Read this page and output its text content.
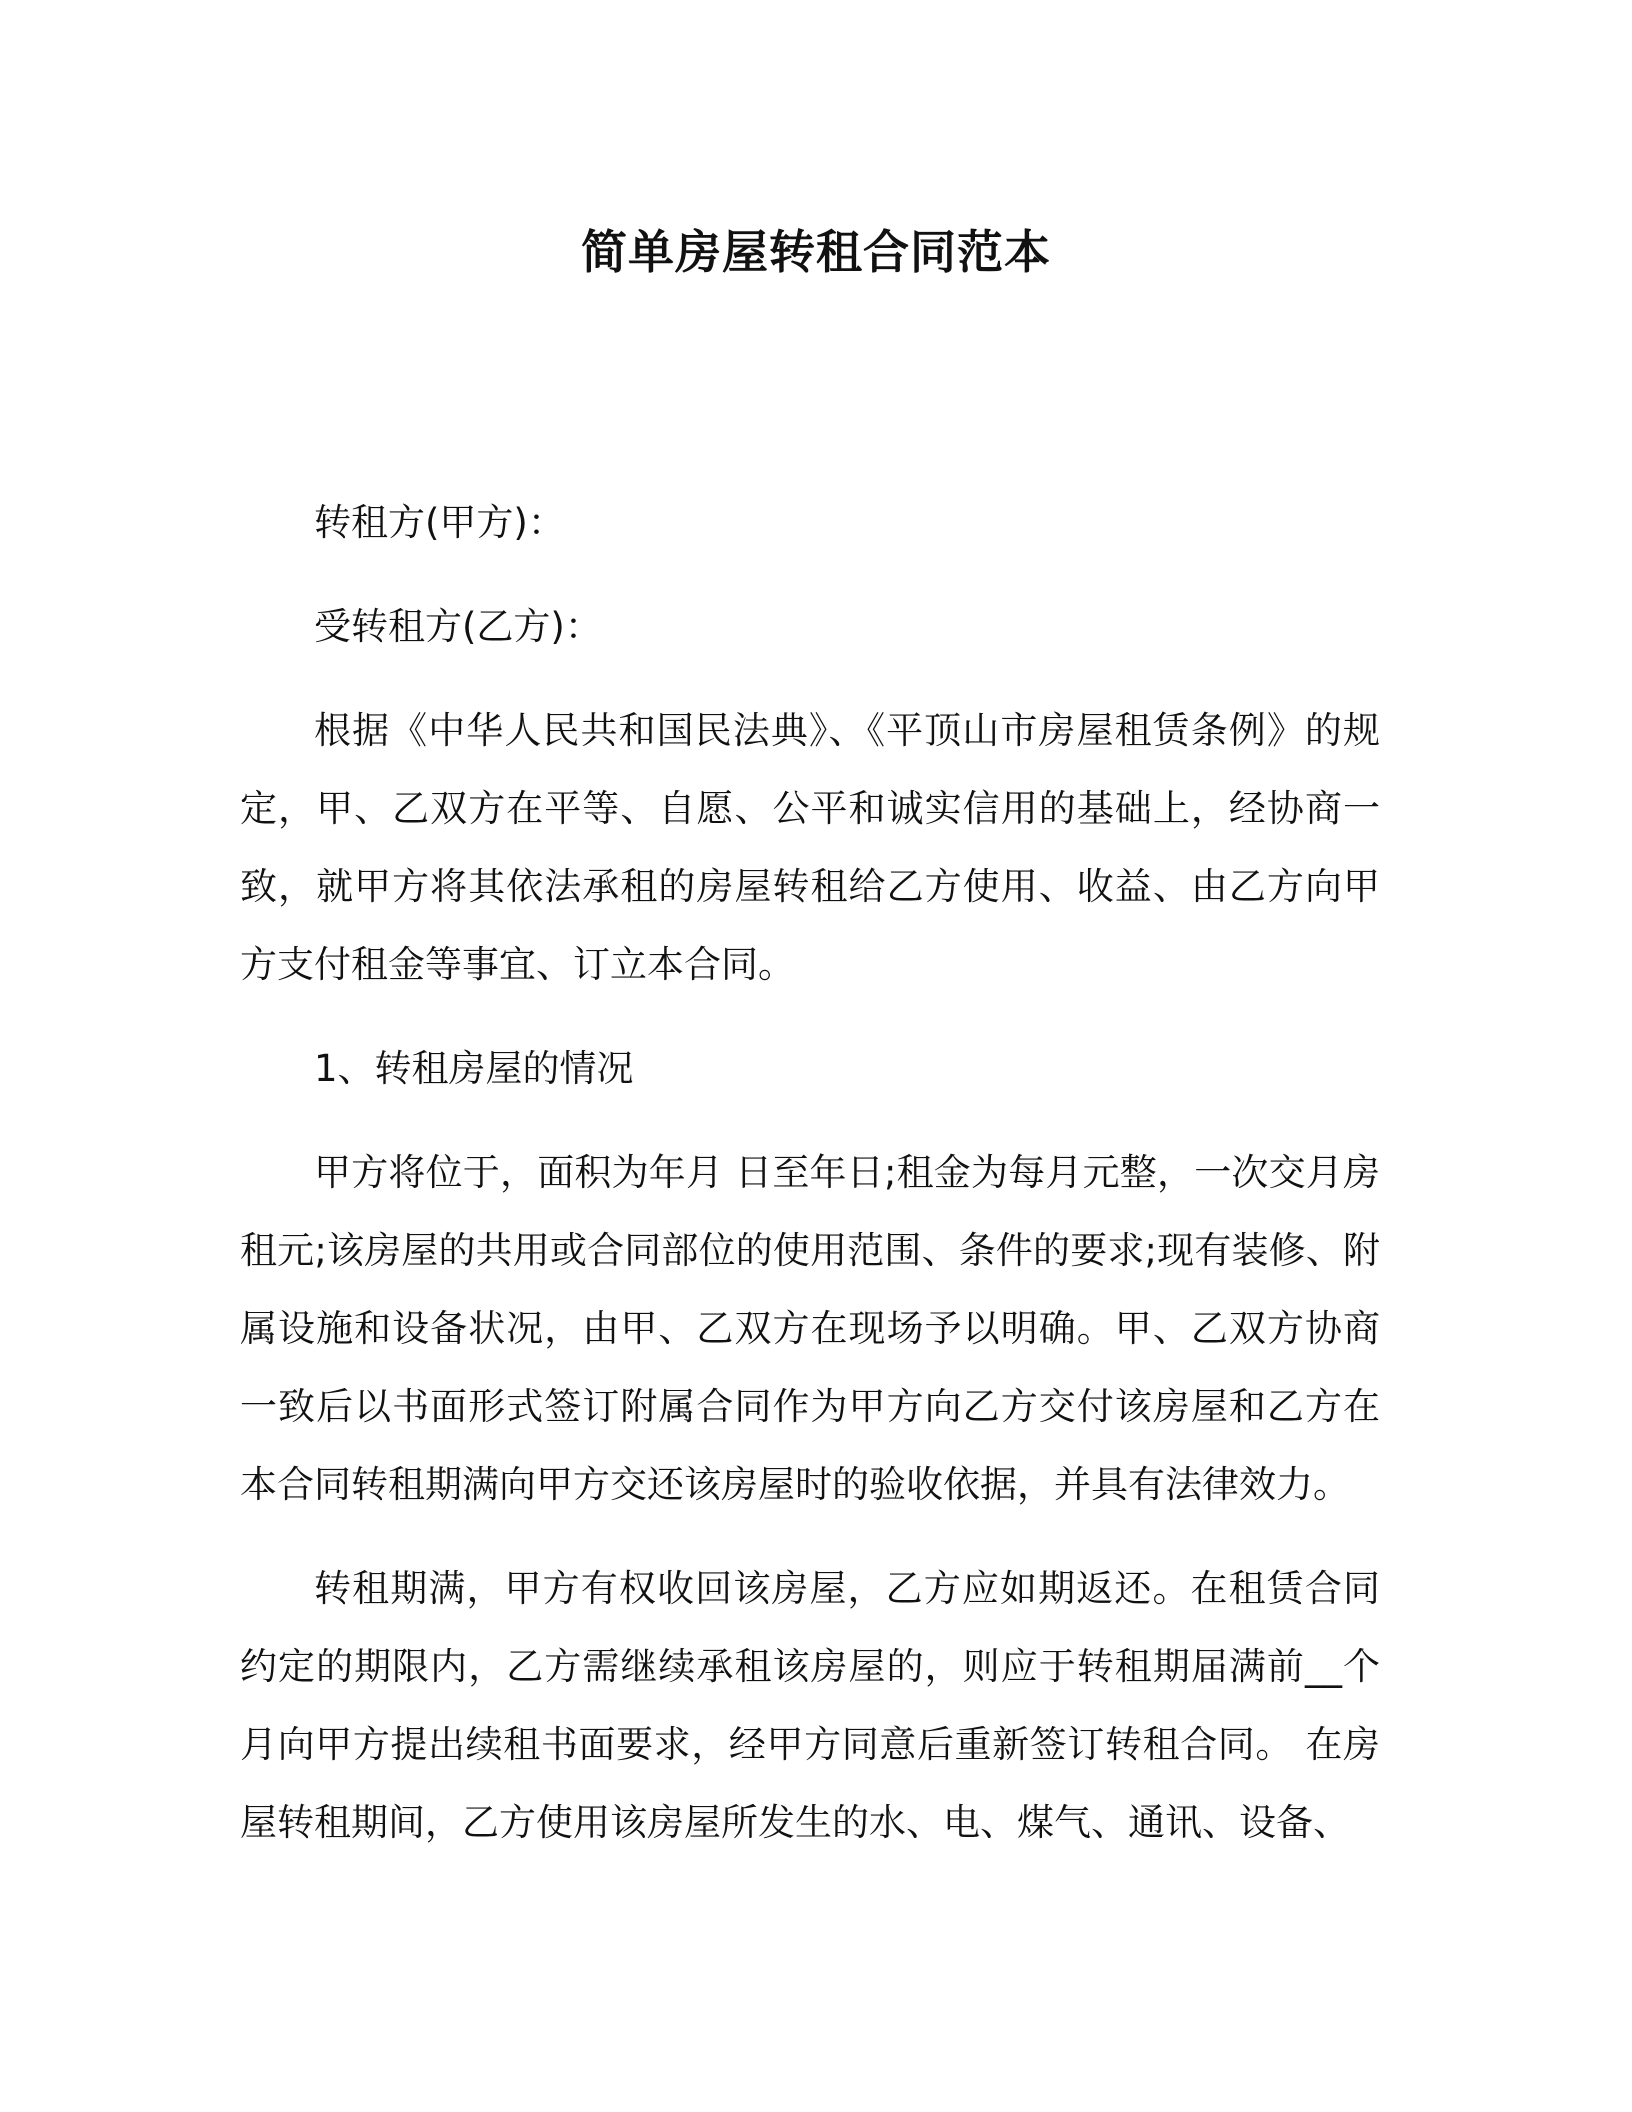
简单房屋转租合同范本

转租方(甲方)：

受转租方(乙方)：

根据《中华人民共和国民法典》、《平顶山市房屋租赁条例》的规定，甲、乙双方在平等、自愿、公平和诚实信用的基础上，经协商一致，就甲方将其依法承租的房屋转租给乙方使用、收益、由乙方向甲方支付租金等事宜、订立本合同。

1、转租房屋的情况

甲方将位于，面积为年月 日至年日;租金为每月元整，一次交月房租元;该房屋的共用或合同部位的使用范围、条件的要求;现有装修、附属设施和设备状况，由甲、乙双方在现场予以明确。甲、乙双方协商一致后以书面形式签订附属合同作为甲方向乙方交付该房屋和乙方在本合同转租期满向甲方交还该房屋时的验收依据，并具有法律效力。

转租期满，甲方有权收回该房屋，乙方应如期返还。在租赁合同约定的期限内，乙方需继续承租该房屋的，则应于转租期届满前__个月向甲方提出续租书面要求，经甲方同意后重新签订转租合同。 在房屋转租期间，乙方使用该房屋所发生的水、电、煤气、通讯、设备、
